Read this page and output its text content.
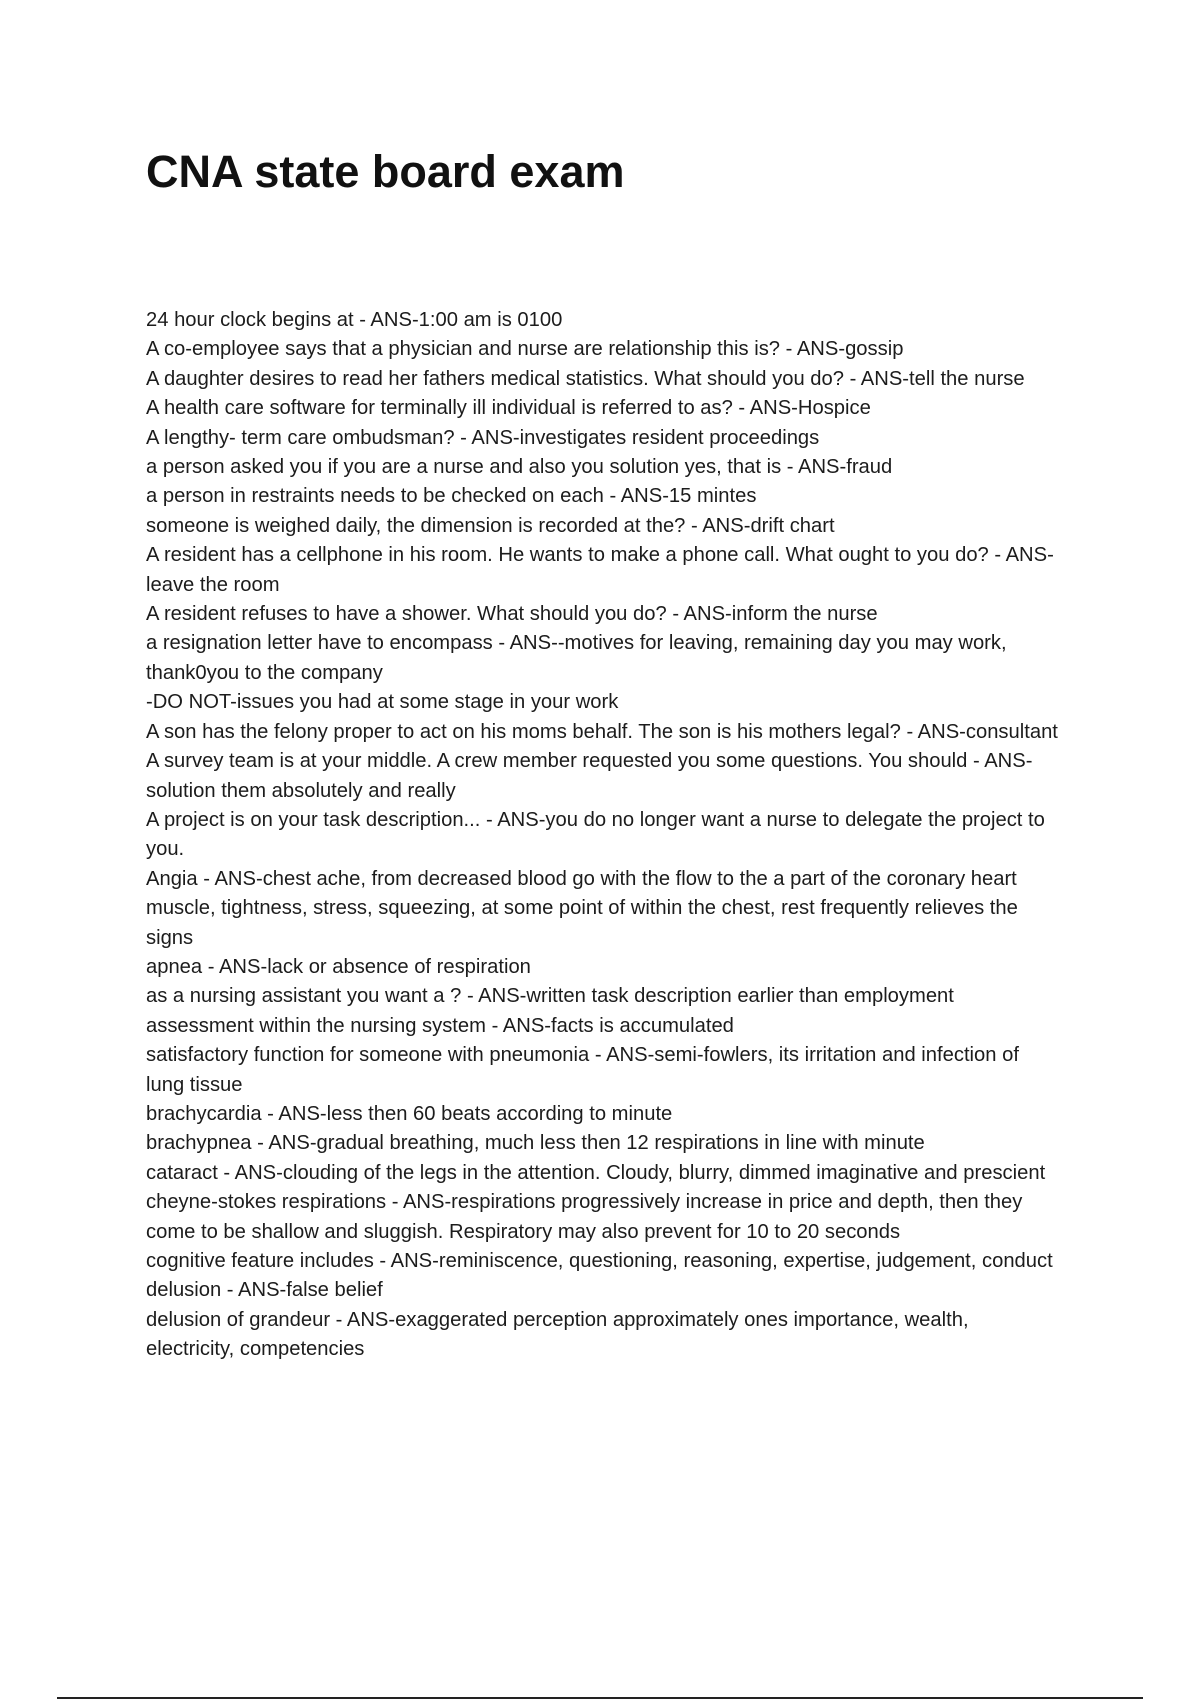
CNA state board exam
24 hour clock begins at - ANS-1:00 am is 0100
A co-employee says that a physician and nurse are relationship this is? - ANS-gossip
A daughter desires to read her fathers medical statistics. What should you do? - ANS-tell the nurse
A health care software for terminally ill individual is referred to as? - ANS-Hospice
A lengthy- term care ombudsman? - ANS-investigates resident proceedings
a person asked you if you are a nurse and also you solution yes, that is - ANS-fraud
a person in restraints needs to be checked on each - ANS-15 mintes
someone is weighed daily, the dimension is recorded at the? - ANS-drift chart
A resident has a cellphone in his room. He wants to make a phone call. What ought to you do? - ANS-leave the room
A resident refuses to have a shower. What should you do? - ANS-inform the nurse
a resignation letter have to encompass - ANS--motives for leaving, remaining day you may work, thank0you to the company
-DO NOT-issues you had at some stage in your work
A son has the felony proper to act on his moms behalf. The son is his mothers legal? - ANS-consultant
A survey team is at your middle. A crew member requested you some questions. You should - ANS-solution them absolutely and really
A project is on your task description... - ANS-you do no longer want a nurse to delegate the project to you.
Angia - ANS-chest ache, from decreased blood go with the flow to the a part of the coronary heart muscle, tightness, stress, squeezing, at some point of within the chest, rest frequently relieves the signs
apnea - ANS-lack or absence of respiration
as a nursing assistant you want a ? - ANS-written task description earlier than employment
assessment within the nursing system - ANS-facts is accumulated
satisfactory function for someone with pneumonia - ANS-semi-fowlers, its irritation and infection of lung tissue
brachycardia - ANS-less then 60 beats according to minute
brachypnea - ANS-gradual breathing, much less then 12 respirations in line with minute
cataract - ANS-clouding of the legs in the attention. Cloudy, blurry, dimmed imaginative and prescient
cheyne-stokes respirations - ANS-respirations progressively increase in price and depth, then they come to be shallow and sluggish. Respiratory may also prevent for 10 to 20 seconds
cognitive feature includes - ANS-reminiscence, questioning, reasoning, expertise, judgement, conduct
delusion - ANS-false belief
delusion of grandeur - ANS-exaggerated perception approximately ones importance, wealth, electricity, competencies
